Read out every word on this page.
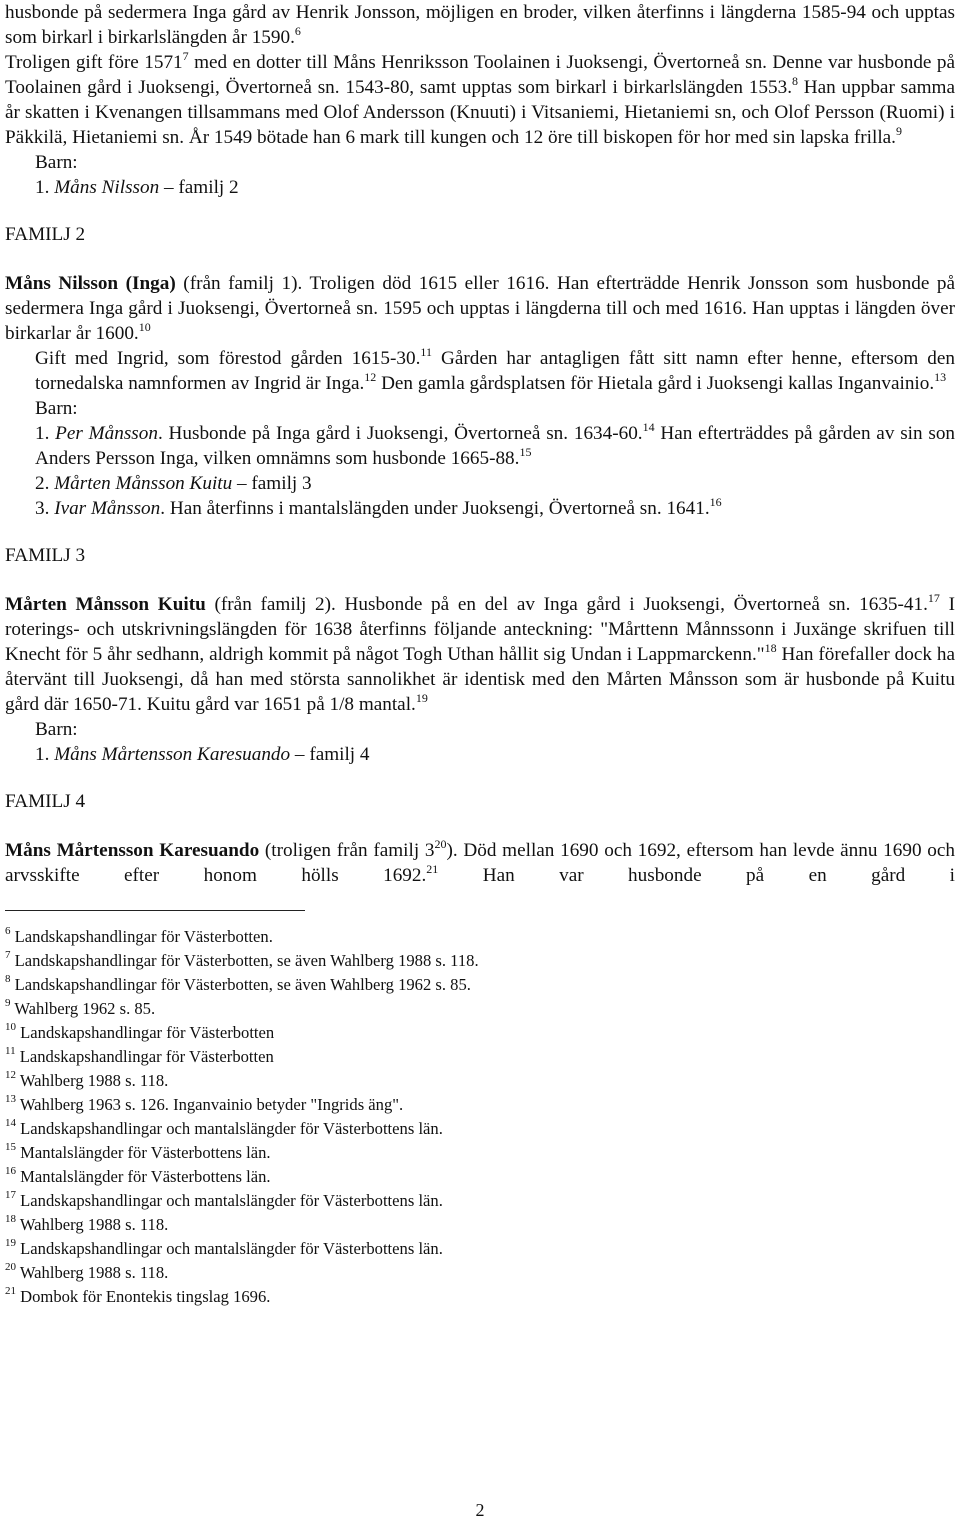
husbonde på sedermera Inga gård av Henrik Jonsson, möjligen en broder, vilken återfinns i längderna 1585-94 och upptas som birkarl i birkarlslängden år 1590.$^6$

Troligen gift före 1571$^7$ med en dotter till Måns Henriksson Toolainen i Juoksengi, Övertorneå sn. Denne var husbonde på Toolainen gård i Juoksengi, Övertorneå sn. 1543-80, samt upptas som birkarl i birkarlslängden 1553.$^8$ Han uppbar samma år skatten i Kvenangen tillsammans med Olof Andersson (Knuuti) i Vitsaniemi, Hietaniemi sn, och Olof Persson (Ruomi) i Päkkilä, Hietaniemi sn. År 1549 bötade han 6 mark till kungen och 12 öre till biskopen för hor med sin lapska frilla.$^9$

Barn:

1. Måns Nilsson – familj 2

FAMILJ 2

Måns Nilsson (Inga) (från familj 1). Troligen död 1615 eller 1616. Han efterträdde Henrik Jonsson som husbonde på sedermera Inga gård i Juoksengi, Övertorneå sn. 1595 och upptas i längderna till och med 1616. Han upptas i längden över birkarlar år 1600.10

Gift med Ingrid, som förestod gården 1615-30.11 Gården har antagligen fått sitt namn efter henne, eftersom den tornedalska namnformen av Ingrid är Inga.$^{12}$ Den gamla gårdsplatsen för Hietala gård i Juoksengi kallas Inganvainio.$^{13}$

Barn:

1. Per Månsson. Husbonde på Inga gård i Juoksengi, Övertorneå sn. 1634-60.14 Han efterträddes på gården av sin son Anders Persson Inga, vilken omnämns som husbonde 1665-88.15

2. Mårten Månsson Kuitu – familj 3

3. Ivar Månsson. Han återfinns i mantalslängden under Juoksengi, Övertorneå sn. 1641.16

FAMILJ 3

Mårten Månsson Kuitu (från familj 2). Husbonde på en del av Inga gård i Juoksengi, Övertorneå sn. 1635-41.17 I roterings- och utskrivningslängden för 1638 återfinns följande anteckning: "Mårttenn Månnssonn i Juxänge skrifuen till Knecht för 5 åhr sedhann, aldrigh kommit på något Togh Uthan hållit sig Undan i Lappmarckenn."$^{18}$ Han förefaller dock ha återvänt till Juoksengi, då han med största sannolikhet är identisk med den Mårten Månsson som är husbonde på Kuitu gård där 1650-71. Kuitu gård var 1651 på 1/8 mantal.$^{19}$

Barn:

1. Måns Mårtensson Karesuando – familj 4

FAMILJ 4

Måns Mårtensson Karesuando (troligen från familj $3^{20}$). Död mellan 1690 och 1692, eftersom han levde ännu 1690 och arvsskifte efter honom hölls 1692.21 Han var husbonde på en gård i

$^6$ Landskapshandlingar för Västerbotten.

$^7$ Landskapshandlingar för Västerbotten, se även Wahlberg 1988 s. 118.

$^8$ Landskapshandlingar för Västerbotten, se även Wahlberg 1962 s. 85.

$^9$ Wahlberg 1962 s. 85.

$^{10}$ Landskapshandlingar för Västerbotten

$^{11}$ Landskapshandlingar för Västerbotten

$^{12}$ Wahlberg 1988 s. 118.

$^{13}$ Wahlberg 1963 s. 126. Inganvainio betyder "Ingrids äng".

$^{14}$ Landskapshandlingar och mantalslängder för Västerbottens län.

$^{15}$ Mantalslängder för Västerbottens län.

$^{16}$ Mantalslängder för Västerbottens län.

$^{17}$ Landskapshandlingar och mantalslängder för Västerbottens län.

$^{18}$ Wahlberg 1988 s. 118.

$^{19}$ Landskapshandlingar och mantalslängder för Västerbottens län.

$^{20}$ Wahlberg 1988 s. 118.

$^{21}$ Dombok för Enontekis tingslag 1696.

2
